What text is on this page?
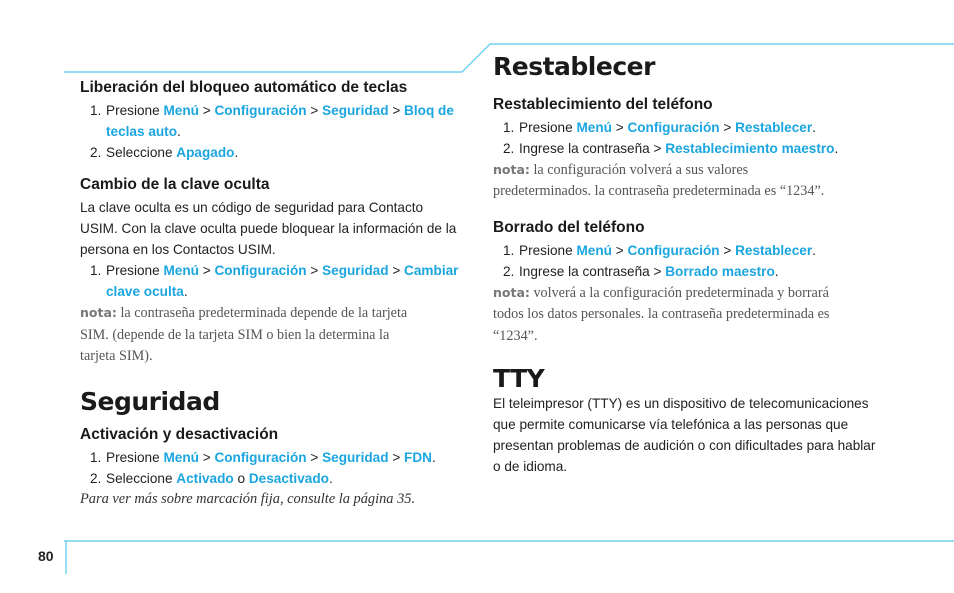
80
Liberación del bloqueo automático de teclas
1. Presione Menú > Configuración > Seguridad > Bloq de
teclas auto.
2. Seleccione Apagado.
Cambio de la clave oculta

La clave oculta es un código de seguridad para Contacto
USIM. Con la clave oculta puede bloquear la información de la
persona en los Contactos USIM.

1. Presione Menú > Configuración > Seguridad > Cambiar
clave oculta.

nota: la contraseña predeterminada depende de la tarjeta
SIM. (depende de la tarjeta SIM o bien la determina la
tarjeta SIM).

Seguridad
Activación y desactivación
1. Presione Menú > Configuración > Seguridad > FDN.
2. Seleccione Activado o Desactivado.

Para ver más sobre marcación fija, consulte la página 35.

Restablecer
Restablecimiento del teléfono
1. Presione Menú > Configuración > Restablecer.
2. Ingrese la contraseña > Restablecimiento maestro.

nota: la configuración volverá a sus valores
predeterminados. la contraseña predeterminada es “1234”.

Borrado del teléfono
1. Presione Menú > Configuración > Restablecer.
2. Ingrese la contraseña > Borrado maestro.

nota: volverá a la configuración predeterminada y borrará
todos los datos personales. la contraseña predeterminada es
“1234”.

TTY

El teleimpresor (TTY) es un dispositivo de telecomunicaciones
que permite comunicarse vía telefónica a las personas que
presentan problemas de audición o con dificultades para hablar
o de idioma.
